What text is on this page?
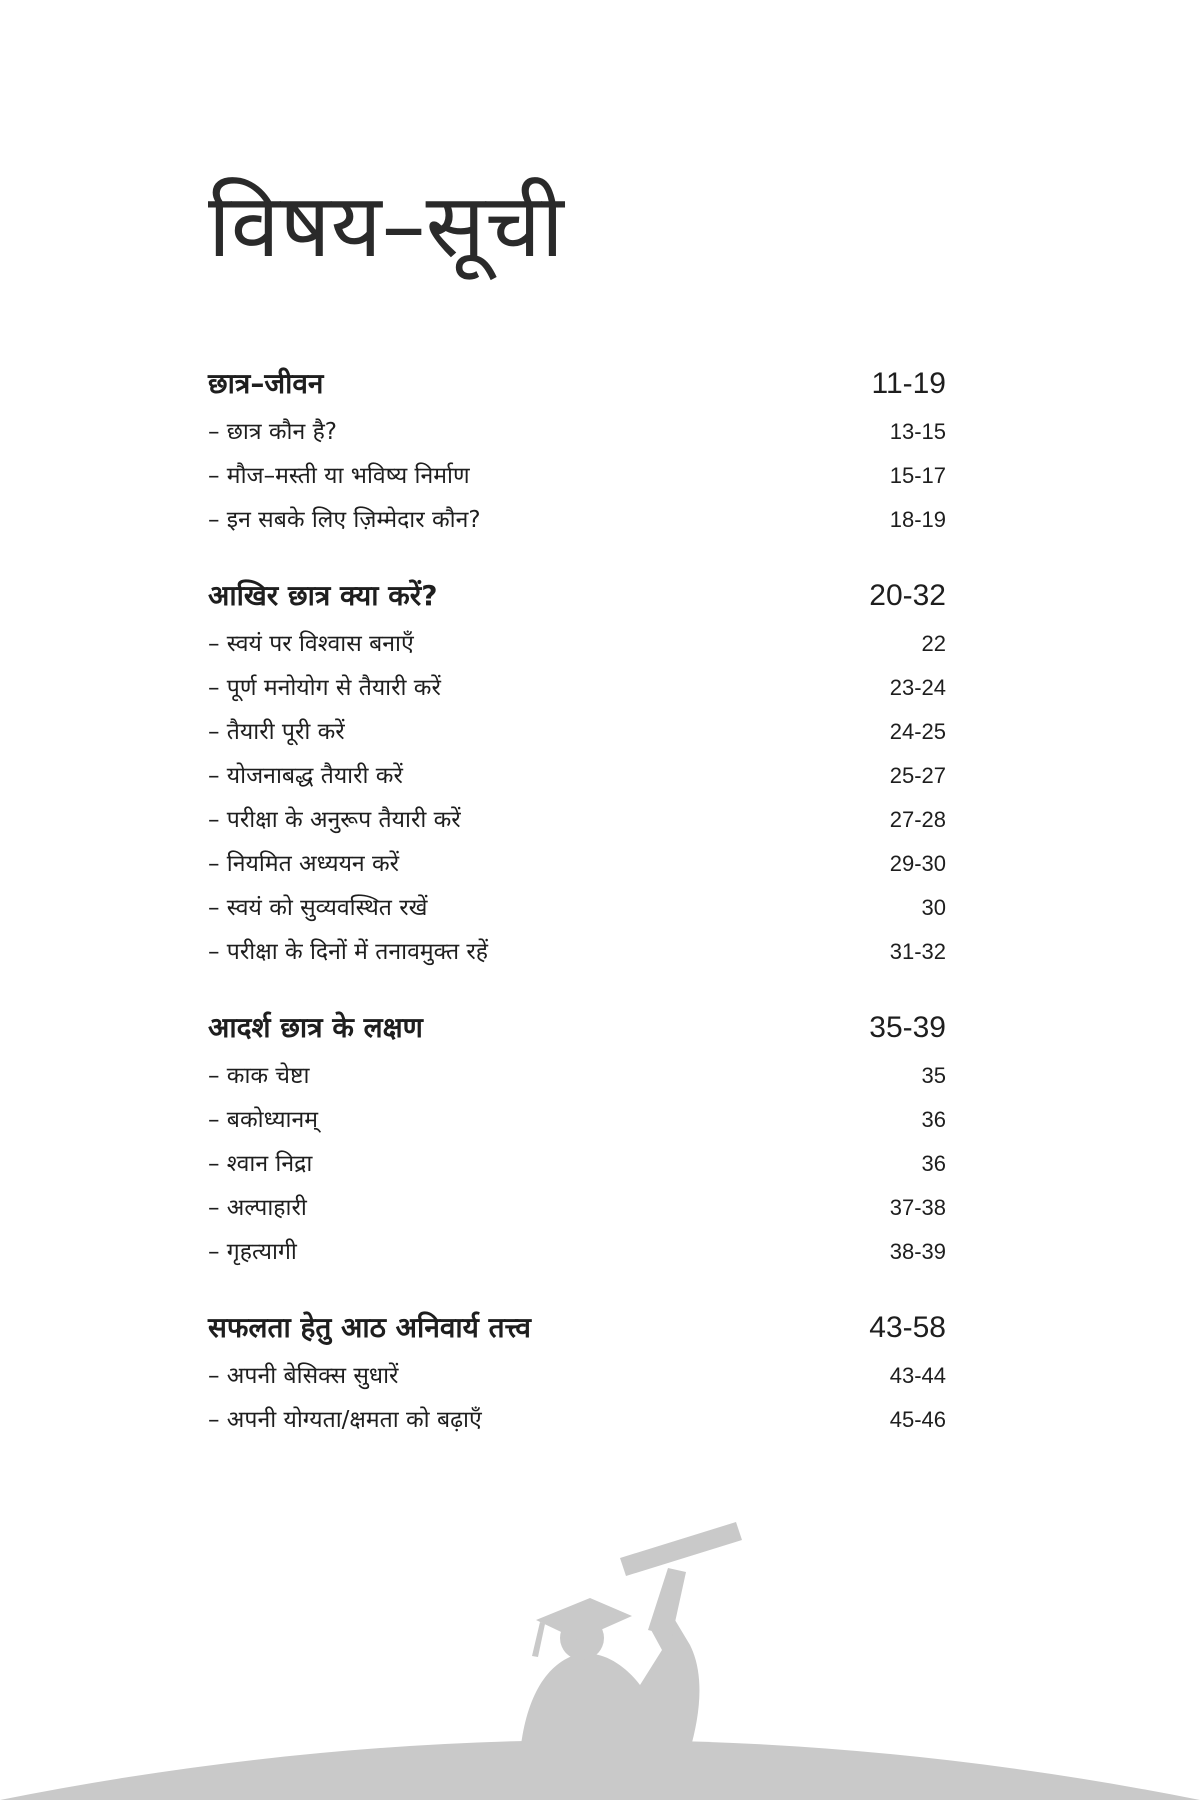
विषय–सूची
छात्र–जीवन	11-19
– छात्र कौन है?	13-15
– मौज–मस्ती या भविष्य निर्माण	15-17
– इन सबके लिए ज़िम्मेदार कौन?	18-19
आखिर छात्र क्या करें?	20-32
– स्वयं पर विश्वास बनाएँ	22
– पूर्ण मनोयोग से तैयारी करें	23-24
– तैयारी पूरी करें	24-25
– योजनाबद्ध तैयारी करें	25-27
– परीक्षा के अनुरूप तैयारी करें	27-28
– नियमित अध्ययन करें	29-30
– स्वयं को सुव्यवस्थित रखें	30
– परीक्षा के दिनों में तनावमुक्त रहें	31-32
आदर्श छात्र के लक्षण	35-39
– काक चेष्टा	35
– बकोध्यानम्	36
– श्वान निद्रा	36
– अल्पाहारी	37-38
– गृहत्यागी	38-39
सफलता हेतु आठ अनिवार्य तत्त्व	43-58
– अपनी बेसिक्स सुधारें	43-44
– अपनी योग्यता/क्षमता को बढ़ाएँ	45-46
